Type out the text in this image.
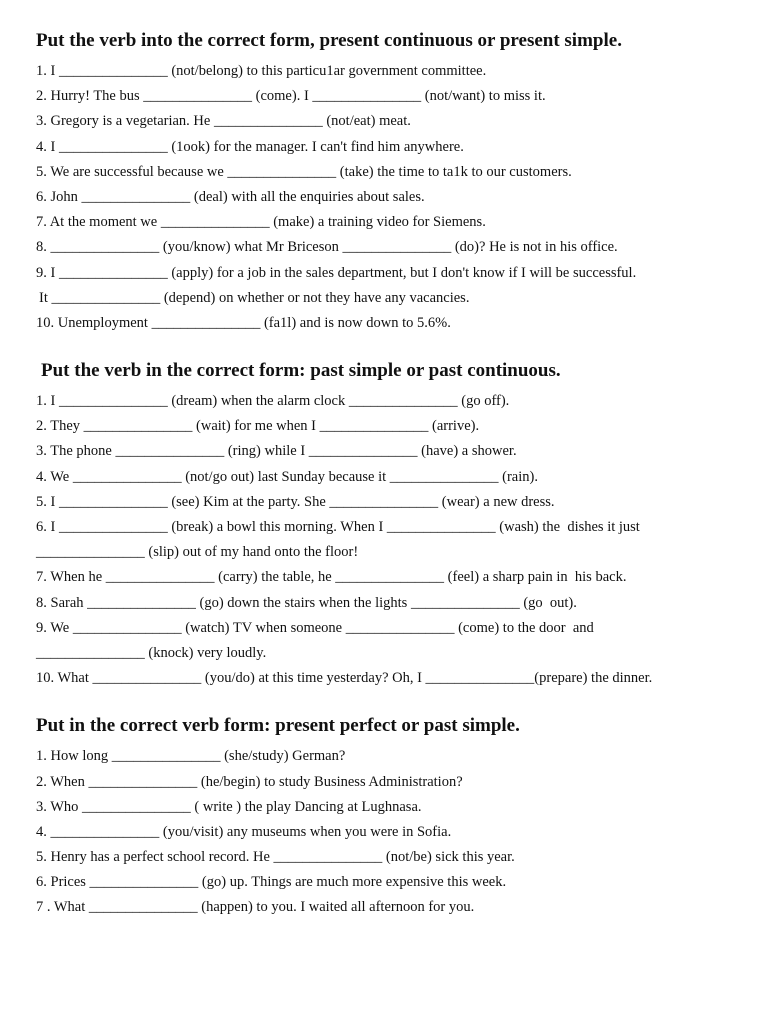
Put the verb into the correct form, present continuous or present simple.
1. I _______________ (not/belong) to this particu1ar government committee.
2. Hurry! The bus _______________ (come). I _______________ (not/want) to miss it.
3. Gregory is a vegetarian. He _______________ (not/eat) meat.
4. I _______________ (1ook) for the manager. I can't find him anywhere.
5. We are successful because we _______________ (take) the time to ta1k to our customers.
6. John _______________ (deal) with all the enquiries about sales.
7. At the moment we _______________ (make) a training video for Siemens.
8. _______________ (you/know) what Mr Briceson _______________ (do)? He is not in his office.
9. I _______________ (apply) for a job in the sales department, but I don't know if I will be successful.
It _______________ (depend) on whether or not they have any vacancies.
10. Unemployment _______________ (fa1l) and is now down to 5.6%.
Put the verb in the correct form: past simple or past continuous.
1. I _______________ (dream) when the alarm clock _______________ (go off).
2. They _______________ (wait) for me when I _______________ (arrive).
3. The phone _______________ (ring) while I _______________ (have) a shower.
4. We _______________ (not/go out) last Sunday because it _______________ (rain).
5. I _______________ (see) Kim at the party. She _______________ (wear) a new dress.
6. I _______________ (break) a bowl this morning. When I _______________ (wash) the  dishes it just
_______________ (slip) out of my hand onto the floor!
7. When he _______________ (carry) the table, he _______________ (feel) a sharp pain in  his back.
8. Sarah _______________ (go) down the stairs when the lights _______________ (go  out).
9. We _______________ (watch) TV when someone _______________ (come) to the door  and
_______________ (knock) very loudly.
10. What _______________ (you/do) at this time yesterday? Oh, I _______________(prepare) the dinner.
Put in the correct verb form: present perfect or past simple.
1. How long _______________ (she/study) German?
2. When _______________ (he/begin) to study Business Administration?
3. Who _______________ ( write ) the play Dancing at Lughnasa.
4. _______________ (you/visit) any museums when you were in Sofia.
5. Henry has a perfect school record. He _______________ (not/be) sick this year.
6. Prices _______________ (go) up. Things are much more expensive this week.
7 . What _______________ (happen) to you. I waited all afternoon for you.
